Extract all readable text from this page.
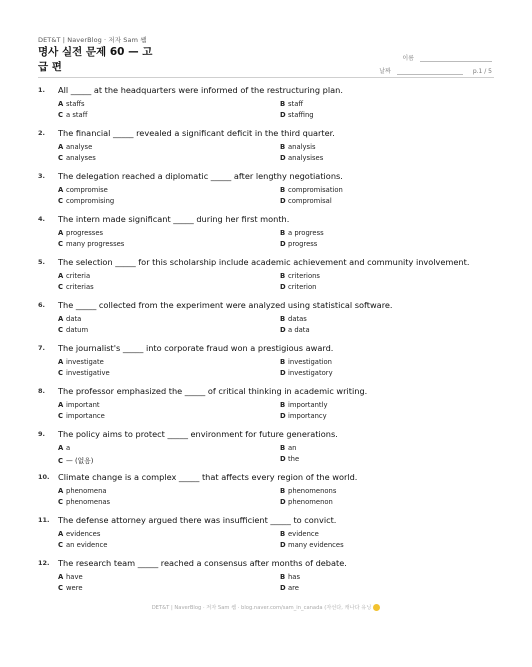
DET&T | NaverBlog · 저자 Sam 쌤
명사 실전 문제 60 — 고급 편
이름
날짜	p.1 / 5
1. All _____ at the headquarters were informed of the restructuring plan.
A staffs	B staff
C a staff	D staffing
2. The financial _____ revealed a significant deficit in the third quarter.
A analyse	B analysis
C analyses	D analysises
3. The delegation reached a diplomatic _____ after lengthy negotiations.
A compromise	B compromisation
C compromising	D compromisal
4. The intern made significant _____ during her first month.
A progresses	B a progress
C many progresses	D progress
5. The selection _____ for this scholarship include academic achievement and community involvement.
A criteria	B criterions
C criterias	D criterion
6. The _____ collected from the experiment were analyzed using statistical software.
A data	B datas
C datum	D a data
7. The journalist's _____ into corporate fraud won a prestigious award.
A investigate	B investigation
C investigative	D investigatory
8. The professor emphasized the _____ of critical thinking in academic writing.
A important	B importantly
C importance	D importancy
9. The policy aims to protect _____ environment for future generations.
A a	B an
C — (없음)	D the
10. Climate change is a complex _____ that affects every region of the world.
A phenomena	B phenomenons
C phenomenas	D phenomenon
11. The defense attorney argued there was insufficient _____ to convict.
A evidences	B evidence
C an evidence	D many evidences
12. The research team _____ reached a consensus after months of debate.
A have	B has
C were	D are
DET&T | NaverBlog · 저자 Sam 쌤 · blog.naver.com/sam_in_canada (자선다, 캐나다 유닝
